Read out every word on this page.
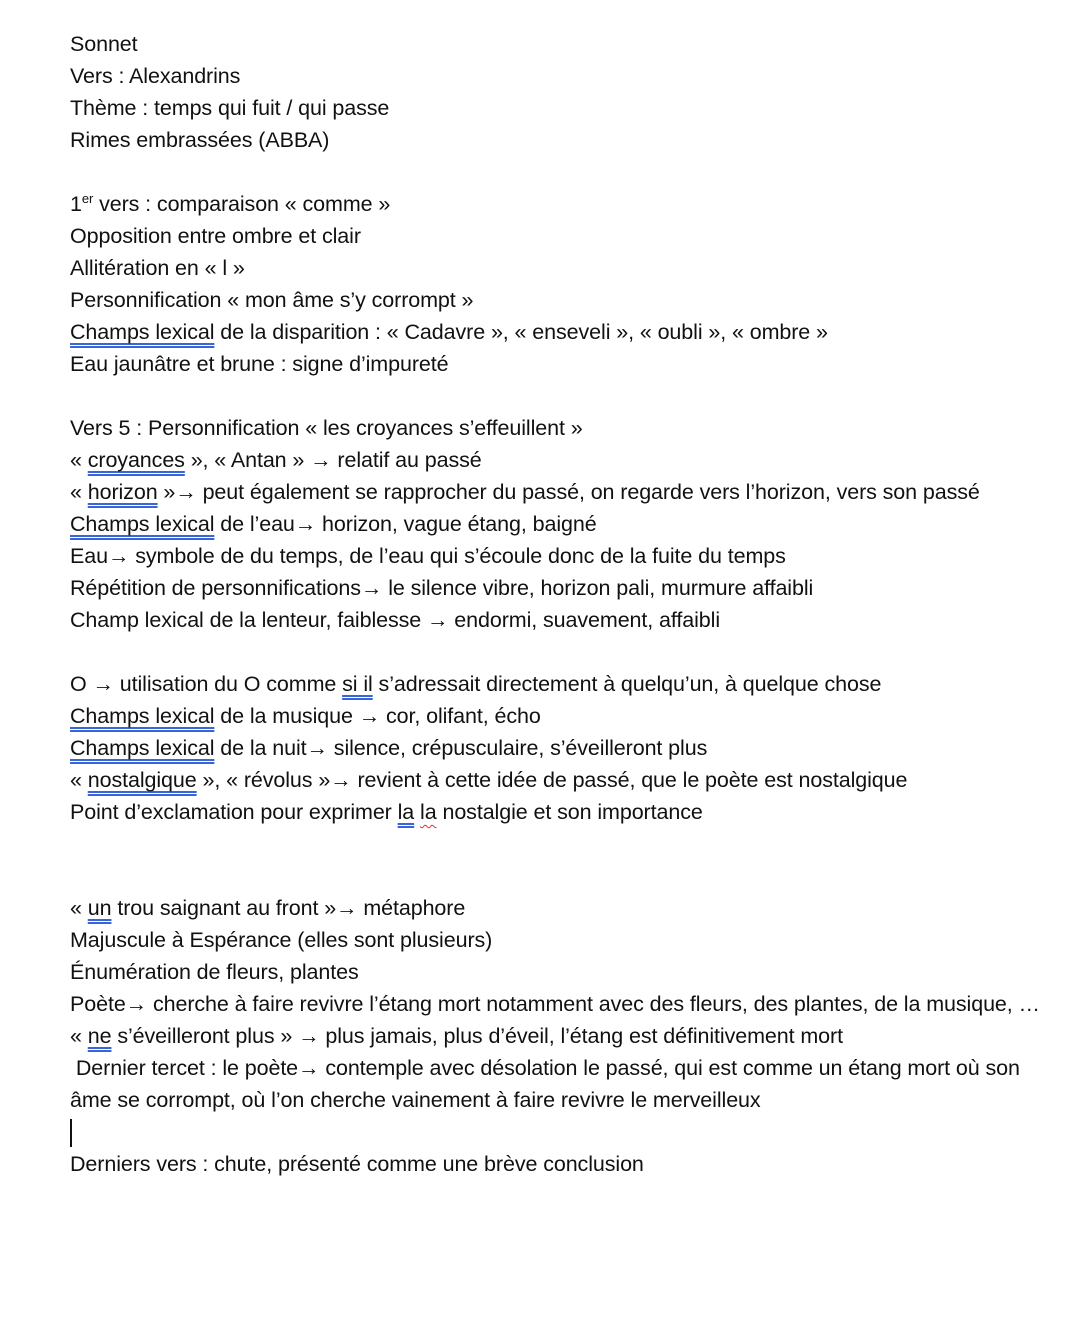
Sonnet
Vers : Alexandrins
Thème : temps qui fuit / qui passe
Rimes embrassées (ABBA)
1er vers : comparaison « comme »
Opposition entre ombre et clair
Allitération en « l »
Personnification « mon âme s’y corrompt »
Champs lexical de la disparition : « Cadavre », « enseveli », « oubli », « ombre »
Eau jaunâtre et brune : signe d’impureté
Vers 5 : Personnification « les croyances s’effeuillent »
« croyances », « Antan » → relatif au passé
« horizon »→ peut également se rapprocher du passé, on regarde vers l’horizon, vers son passé
Champs lexical de l’eau→ horizon, vague étang, baigné
Eau→ symbole de du temps, de l’eau qui s’écoule donc de la fuite du temps
Répétition de personnifications→ le silence vibre, horizon pali, murmure affaibli
Champ lexical de la lenteur, faiblesse → endormi, suavement, affaibli
O → utilisation du O comme si il s’adressait directement à quelqu’un, à quelque chose
Champs lexical de la musique → cor, olifant, écho
Champs lexical de la nuit→ silence, crépusculaire, s’éveilleront plus
« nostalgique », « révolus »→ revient à cette idée de passé, que le poète est nostalgique
Point d’exclamation pour exprimer la la nostalgie et son importance
« un trou saignant au front »→ métaphore
Majuscule à Espérance (elles sont plusieurs)
Énumération de fleurs, plantes
Poète→ cherche à faire revivre l’étang mort notamment avec des fleurs, des plantes, de la musique, …
« ne s’éveilleront plus » → plus jamais, plus d’éveil, l’étang est définitivement mort
Dernier tercet : le poète→ contemple avec désolation le passé, qui est comme un étang mort où son âme se corrompt, où l’on cherche vainement à faire revivre le merveilleux
Derniers vers : chute, présenté comme une brève conclusion
